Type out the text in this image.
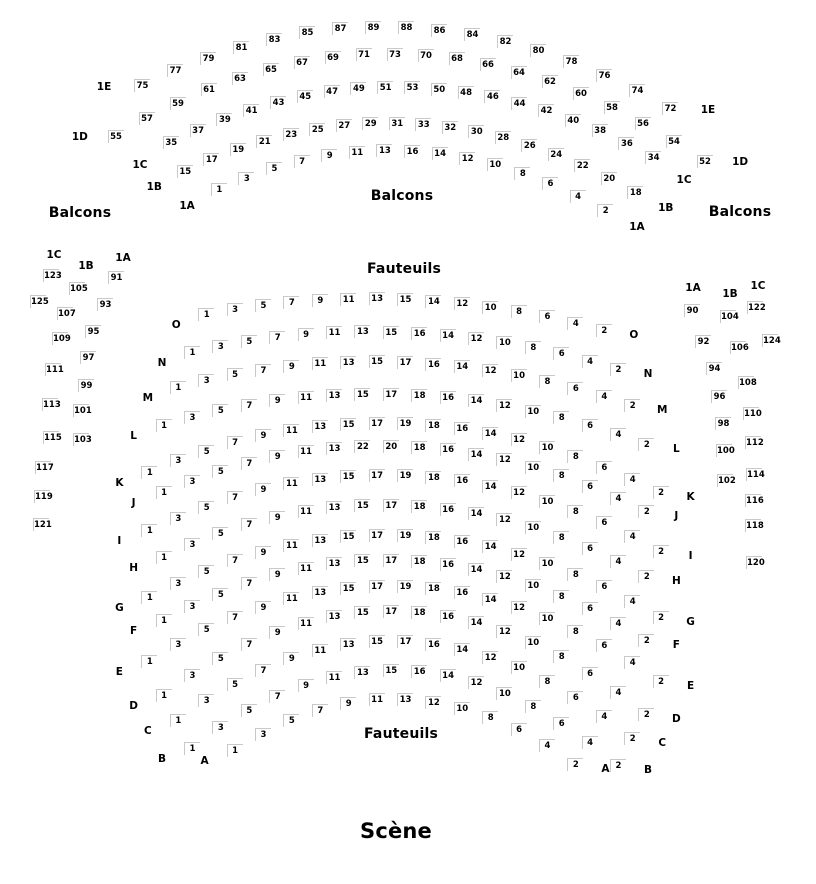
Balcons
Balcons
Balcons
Fauteuils
Fauteuils
Scène
1
3
5
7
9	11	13	16	14	12
10
8
6
4
2
1A
1A
15
17
19
21
23
25	27	29	31	33	32	30
28
26
24
22
20
18
1B
1B
35
37
39
41
43
45	47	49	51	53	50	48	46
44
42
40
38
36
34
1C
1C
55
57
59
61
63
65
67	69	71	73	70	68
66
64
62
60
58
56
54
52
1D
1D
75
77
79
81
83
85	87	89	88	86	84
82
80
78
76
74
72
1E
1E
1	3	5	7	9	11	13	15	14	12	10	8
6
4
2
O
O
1
3	5	7	9	11	13	15	16	14	12	10
8
6
4
2
N
N
1
3
5	7	9	11	13	15	17	16	14	12	10
8
6
4
2
M
M
1
3
5
7	9	11	13	15	17	18	16	14	12
10
8
6
4
2
L
L
1
3
5
7
9
11	13	15	17	19	18	16	14
12
10
8
6
4
2
K
K
1
3
5
7
9	11	13	22	20	18	16	14
12
10
8
6
4
2
J
J
1
3
5
7
9
11	13	15	17	19	18	16
14
12
10
8
6
4
2
I
I
1
3
5
7
9
11	13	15	17	18	16	14
12
10
8
6
4
2
H
H
1
3
5
7
9
11
13	15	17	19	18	16
14
12
10
8
6
4
2
G
G
1
3
5
7
9
11	13	15	17	18	16	14
12
10
8
6
4
2
F
F
1
3
5
7
9
11
13	15	17	19	18	16
14
12
10
8
6
4
2
E
E
1
3
5
7
9
11
13	15	17	18	16
14
12
10
8
6
4
2
D
D
1
3
5
7
9
11
13	15	17	16
14
12
10
8
6
4
2
C
C
1
3
5
7
9
11	13	15	16	14
12
10
8
6
4
2
B
B
1
3
5
7
9	11	13	12
10
8
6
4
2
A
A
1A
91
93
95
97
99
101
103
1B
105
107
109
111
113
115
117
119
121
1C
123
125
1A
90
92
94
96
98
100
102
1B
104
106
108
110
112
114
116
118
120
1C
122
124
